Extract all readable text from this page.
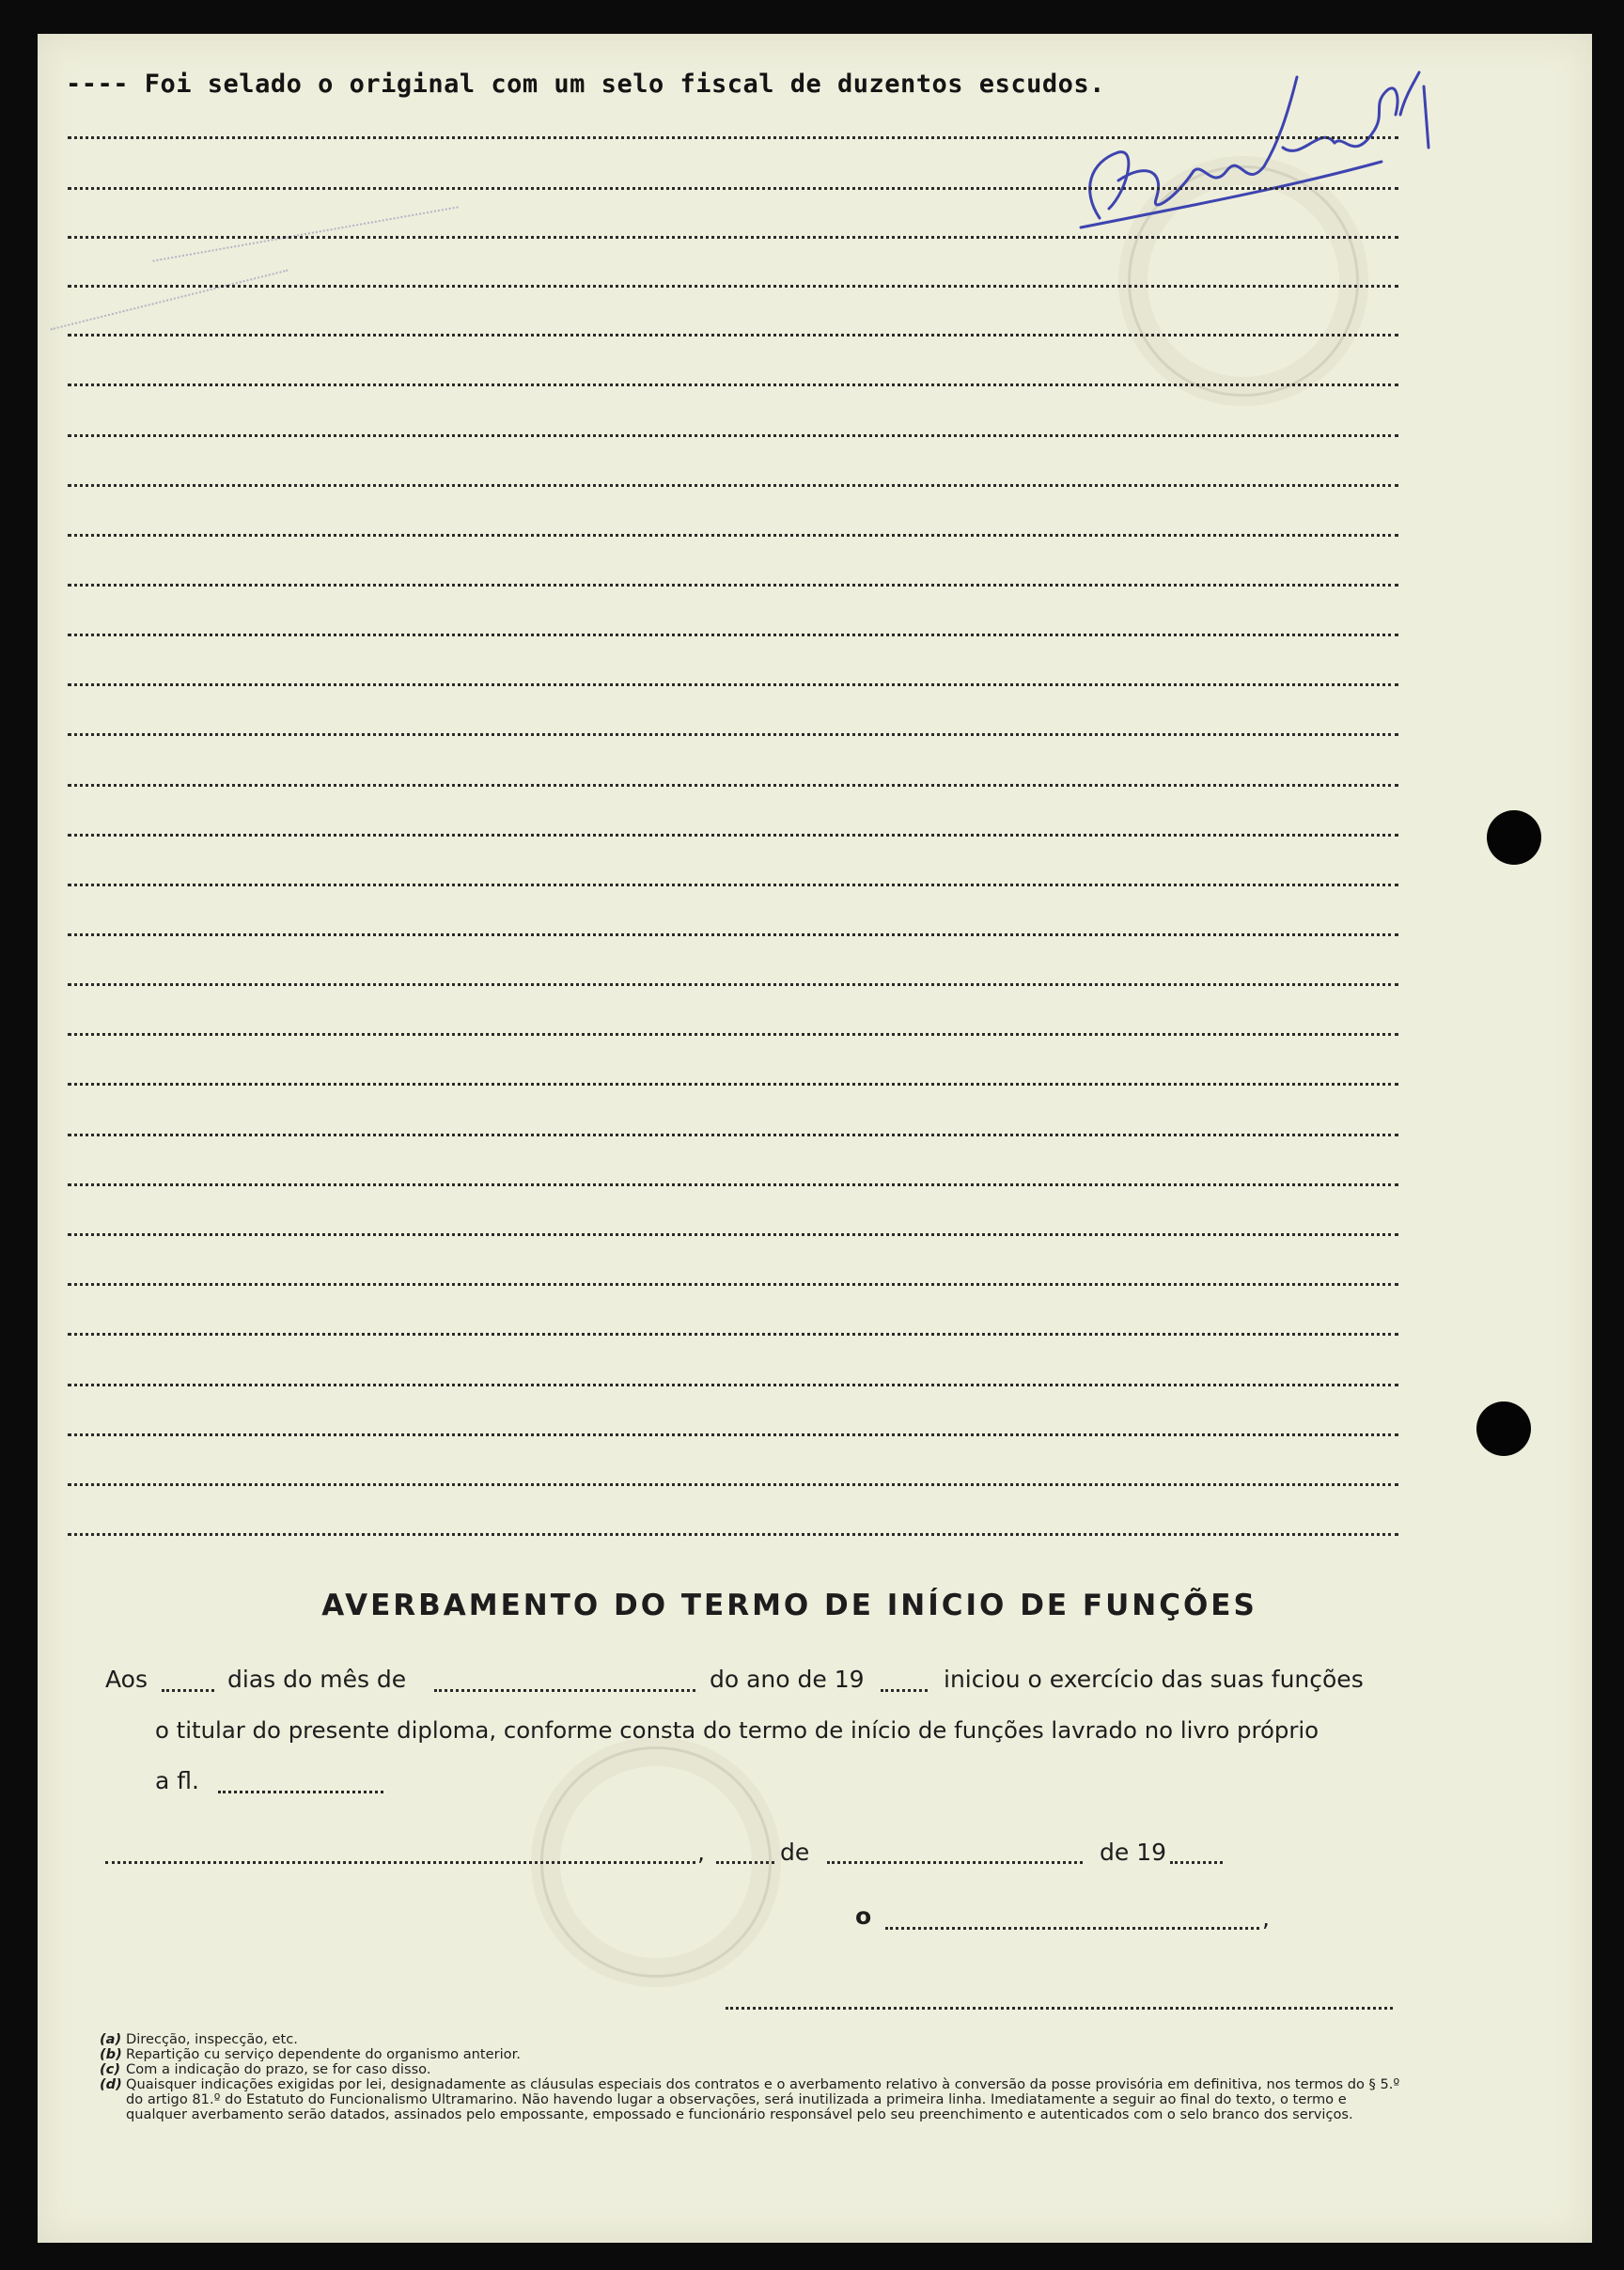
---- Foi selado o original com um selo fiscal de duzentos escudos.
AVERBAMENTO DO TERMO DE INÍCIO DE FUNÇÕES
Aos	dias do mês de	do ano de 19	iniciou o exercício das suas funções
o titular do presente diploma, conforme consta do termo de início de funções lavrado no livro próprio
a fl.
,	de	de 19
o	,
(a) Direcção, inspecção, etc.
(b) Repartição cu serviço dependente do organismo anterior.
(c) Com a indicação do prazo, se for caso disso.
(d) Quaisquer indicações exigidas por lei, designadamente as cláusulas especiais dos contratos e o averbamento relativo à conversão da posse provisória em definitiva, nos termos do § 5.º do artigo 81.º do Estatuto do Funcionalismo Ultramarino. Não havendo lugar a observações, será inutilizada a primeira linha. Imediatamente a seguir ao final do texto, o termo e qualquer averbamento serão datados, assinados pelo empossante, empossado e funcionário responsável pelo seu preenchimento e autenticados com o selo branco dos serviços.
